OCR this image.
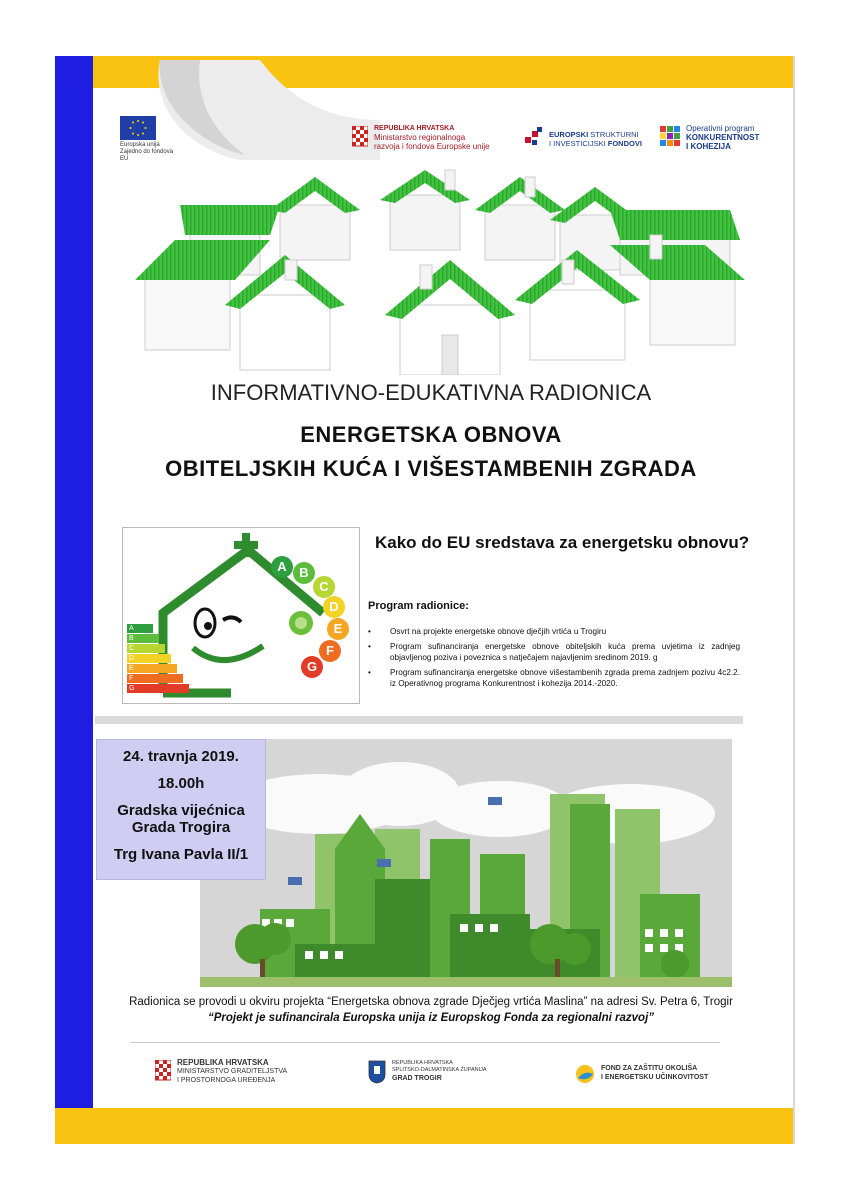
Europska unija
Zajedno do fondova EU
REPUBLIKA HRVATSKA
Ministarstvo regionalnoga
razvoja i fondova Europske unije
EUROPSKI STRUKTURNI
I INVESTICIJSKI FONDOVI
Operativni program
KONKURENTNOST
I KOHEZIJA
INFORMATIVNO-EDUKATIVNA RADIONICA
ENERGETSKA OBNOVA
OBITELJSKIH KUĆA I VIŠESTAMBENIH ZGRADA
A B
C
D
E
F
G
A
B
C
D
E
F
G
Kako do EU sredstava za energetsku obnovu?
Program radionice:
• Osvrt na projekte energetske obnove dječjih vrtića u Trogiru
• Program sufinanciranja energetske obnove obiteljskih kuća prema uvjetima iz zadnjeg objavljenog poziva i poveznica s natječajem najavljenim sredinom 2019. g
• Program sufinanciranja energetske obnove višestambenih zgrada prema zadnjem pozivu 4c2.2. iz Operativnog programa Konkurentnost i kohezija 2014.-2020.
24. travnja 2019.
18.00h
Gradska vijećnica
Grada Trogira
Trg Ivana Pavla II/1
Radionica se provodi u okviru projekta “Energetska obnova zgrade Dječjeg vrtića Maslina” na adresi Sv. Petra 6, Trogir
“Projekt je sufinancirala Europska unija iz Europskog Fonda za regionalni razvoj”
REPUBLIKA HRVATSKA
MINISTARSTVO GRADITELJSTVA
I PROSTORNOGA UREĐENJA
REPUBLIKA HRVATSKA
SPLITSKO-DALMATINSKA ŽUPANIJA
GRAD TROGIR
FOND ZA ZAŠTITU OKOLIŠA
I ENERGETSKU UČINKOVITOST
